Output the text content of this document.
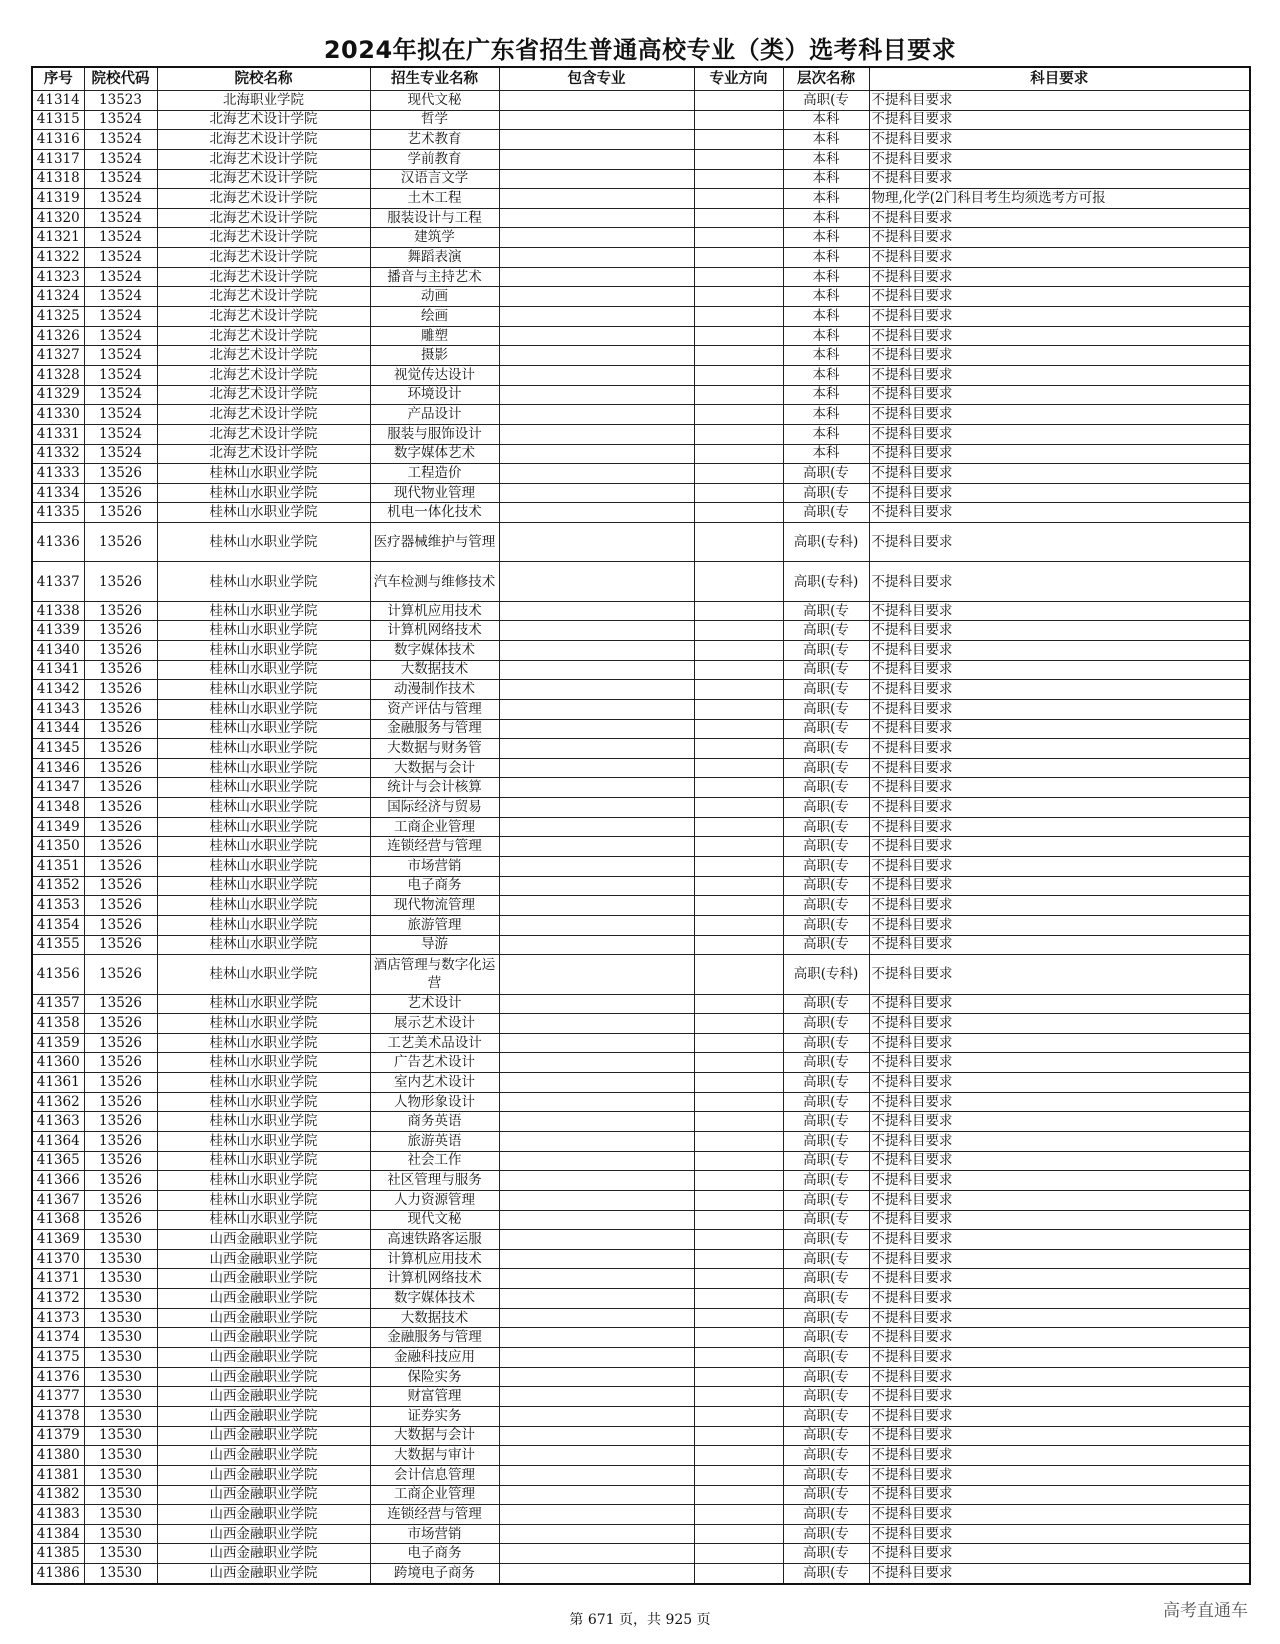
2024年拟在广东省招生普通高校专业（类）选考科目要求
序号	院校代码	院校名称	招生专业名称	包含专业	专业方向	层次名称	科目要求
41314	13523	北海职业学院	现代文秘			高职(专	不提科目要求
41315	13524	北海艺术设计学院	哲学			本科	不提科目要求
41316	13524	北海艺术设计学院	艺术教育			本科	不提科目要求
41317	13524	北海艺术设计学院	学前教育			本科	不提科目要求
41318	13524	北海艺术设计学院	汉语言文学			本科	不提科目要求
41319	13524	北海艺术设计学院	土木工程			本科	物理,化学(2门科目考生均须选考方可报
41320	13524	北海艺术设计学院	服装设计与工程			本科	不提科目要求
41321	13524	北海艺术设计学院	建筑学			本科	不提科目要求
41322	13524	北海艺术设计学院	舞蹈表演			本科	不提科目要求
41323	13524	北海艺术设计学院	播音与主持艺术			本科	不提科目要求
41324	13524	北海艺术设计学院	动画			本科	不提科目要求
41325	13524	北海艺术设计学院	绘画			本科	不提科目要求
41326	13524	北海艺术设计学院	雕塑			本科	不提科目要求
41327	13524	北海艺术设计学院	摄影			本科	不提科目要求
41328	13524	北海艺术设计学院	视觉传达设计			本科	不提科目要求
41329	13524	北海艺术设计学院	环境设计			本科	不提科目要求
41330	13524	北海艺术设计学院	产品设计			本科	不提科目要求
41331	13524	北海艺术设计学院	服装与服饰设计			本科	不提科目要求
41332	13524	北海艺术设计学院	数字媒体艺术			本科	不提科目要求
41333	13526	桂林山水职业学院	工程造价			高职(专	不提科目要求
41334	13526	桂林山水职业学院	现代物业管理			高职(专	不提科目要求
41335	13526	桂林山水职业学院	机电一体化技术			高职(专	不提科目要求
41336	13526	桂林山水职业学院	医疗器械维护与管理			高职(专科)	不提科目要求
41337	13526	桂林山水职业学院	汽车检测与维修技术			高职(专科)	不提科目要求
41338	13526	桂林山水职业学院	计算机应用技术			高职(专	不提科目要求
41339	13526	桂林山水职业学院	计算机网络技术			高职(专	不提科目要求
41340	13526	桂林山水职业学院	数字媒体技术			高职(专	不提科目要求
41341	13526	桂林山水职业学院	大数据技术			高职(专	不提科目要求
41342	13526	桂林山水职业学院	动漫制作技术			高职(专	不提科目要求
41343	13526	桂林山水职业学院	资产评估与管理			高职(专	不提科目要求
41344	13526	桂林山水职业学院	金融服务与管理			高职(专	不提科目要求
41345	13526	桂林山水职业学院	大数据与财务管			高职(专	不提科目要求
41346	13526	桂林山水职业学院	大数据与会计			高职(专	不提科目要求
41347	13526	桂林山水职业学院	统计与会计核算			高职(专	不提科目要求
41348	13526	桂林山水职业学院	国际经济与贸易			高职(专	不提科目要求
41349	13526	桂林山水职业学院	工商企业管理			高职(专	不提科目要求
41350	13526	桂林山水职业学院	连锁经营与管理			高职(专	不提科目要求
41351	13526	桂林山水职业学院	市场营销			高职(专	不提科目要求
41352	13526	桂林山水职业学院	电子商务			高职(专	不提科目要求
41353	13526	桂林山水职业学院	现代物流管理			高职(专	不提科目要求
41354	13526	桂林山水职业学院	旅游管理			高职(专	不提科目要求
41355	13526	桂林山水职业学院	导游			高职(专	不提科目要求
41356	13526	桂林山水职业学院	酒店管理与数字化运营			高职(专科)	不提科目要求
41357	13526	桂林山水职业学院	艺术设计			高职(专	不提科目要求
41358	13526	桂林山水职业学院	展示艺术设计			高职(专	不提科目要求
41359	13526	桂林山水职业学院	工艺美术品设计			高职(专	不提科目要求
41360	13526	桂林山水职业学院	广告艺术设计			高职(专	不提科目要求
41361	13526	桂林山水职业学院	室内艺术设计			高职(专	不提科目要求
41362	13526	桂林山水职业学院	人物形象设计			高职(专	不提科目要求
41363	13526	桂林山水职业学院	商务英语			高职(专	不提科目要求
41364	13526	桂林山水职业学院	旅游英语			高职(专	不提科目要求
41365	13526	桂林山水职业学院	社会工作			高职(专	不提科目要求
41366	13526	桂林山水职业学院	社区管理与服务			高职(专	不提科目要求
41367	13526	桂林山水职业学院	人力资源管理			高职(专	不提科目要求
41368	13526	桂林山水职业学院	现代文秘			高职(专	不提科目要求
41369	13530	山西金融职业学院	高速铁路客运服			高职(专	不提科目要求
41370	13530	山西金融职业学院	计算机应用技术			高职(专	不提科目要求
41371	13530	山西金融职业学院	计算机网络技术			高职(专	不提科目要求
41372	13530	山西金融职业学院	数字媒体技术			高职(专	不提科目要求
41373	13530	山西金融职业学院	大数据技术			高职(专	不提科目要求
41374	13530	山西金融职业学院	金融服务与管理			高职(专	不提科目要求
41375	13530	山西金融职业学院	金融科技应用			高职(专	不提科目要求
41376	13530	山西金融职业学院	保险实务			高职(专	不提科目要求
41377	13530	山西金融职业学院	财富管理			高职(专	不提科目要求
41378	13530	山西金融职业学院	证券实务			高职(专	不提科目要求
41379	13530	山西金融职业学院	大数据与会计			高职(专	不提科目要求
41380	13530	山西金融职业学院	大数据与审计			高职(专	不提科目要求
41381	13530	山西金融职业学院	会计信息管理			高职(专	不提科目要求
41382	13530	山西金融职业学院	工商企业管理			高职(专	不提科目要求
41383	13530	山西金融职业学院	连锁经营与管理			高职(专	不提科目要求
41384	13530	山西金融职业学院	市场营销			高职(专	不提科目要求
41385	13530	山西金融职业学院	电子商务			高职(专	不提科目要求
41386	13530	山西金融职业学院	跨境电子商务			高职(专	不提科目要求
第 671 页，共 925 页	高考直通车
